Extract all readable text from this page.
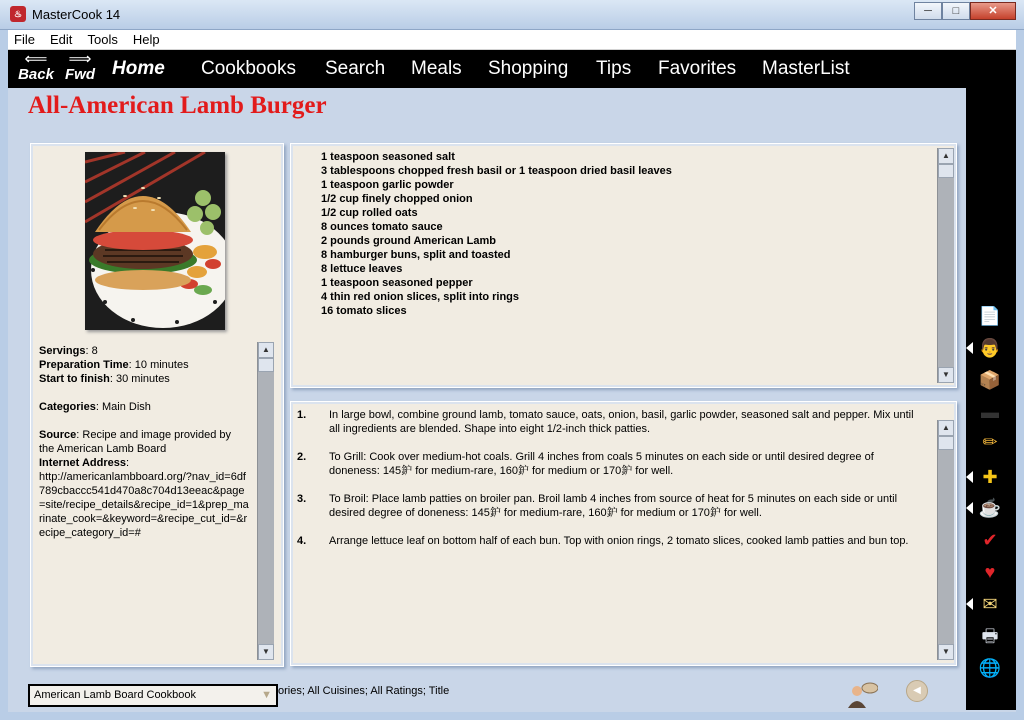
♨ MasterCook 14	─	□	✕
File Edit Tools Help
⟸
Back
⟹
Fwd Home Cookbooks Search Meals Shopping Tips Favorites MasterList
All-American Lamb Burger
Servings: 8
Preparation Time: 10 minutes
Start to finish: 30 minutes
Categories: Main Dish
Source: Recipe and image provided by the American Lamb Board
Internet Address:
http://americanlambboard.org/?nav_id=6df789cbaccc541d470a8c704d13eeac&page=site/recipe_details&recipe_id=1&prep_marinate_cook=&keyword=&recipe_cut_id=&recipe_category_id=#
▲
▼
1 teaspoon seasoned salt
3 tablespoons chopped fresh basil or 1 teaspoon dried basil leaves
1 teaspoon garlic powder
1/2 cup finely chopped onion
1/2 cup rolled oats
8 ounces tomato sauce
2 pounds ground American Lamb
8 hamburger buns, split and toasted
8 lettuce leaves
1 teaspoon seasoned pepper
4 thin red onion slices, split into rings
16 tomato slices
▲
▼
1.	In large bowl, combine ground lamb, tomato sauce, oats, onion, basil, garlic powder, seasoned salt and pepper. Mix until all ingredients are blended. Shape into eight 1/2-inch thick patties.
2.	To Grill: Cook over medium-hot coals. Grill 4 inches from coals 5 minutes on each side or until desired degree of doneness: 145鈩 for medium-rare, 160鈩 for medium or 170鈩 for well.
3.	To Broil: Place lamb patties on broiler pan. Broil lamb 4 inches from source of heat for 5 minutes on each side or until desired degree of doneness: 145鈩 for medium-rare, 160鈩 for medium or 170鈩 for well.
4.	Arrange lettuce leaf on bottom half of each bun. Top with onion rings, 2 tomato slices, cooked lamb patties and bun top.
▲
▼
American Lamb Board Cookbook	▼ ories; All Cuisines; All Ratings; Title	◀
📄
👨
📦
▬
✏
✚
☕
✔
♥
✉
🖶
🌐
